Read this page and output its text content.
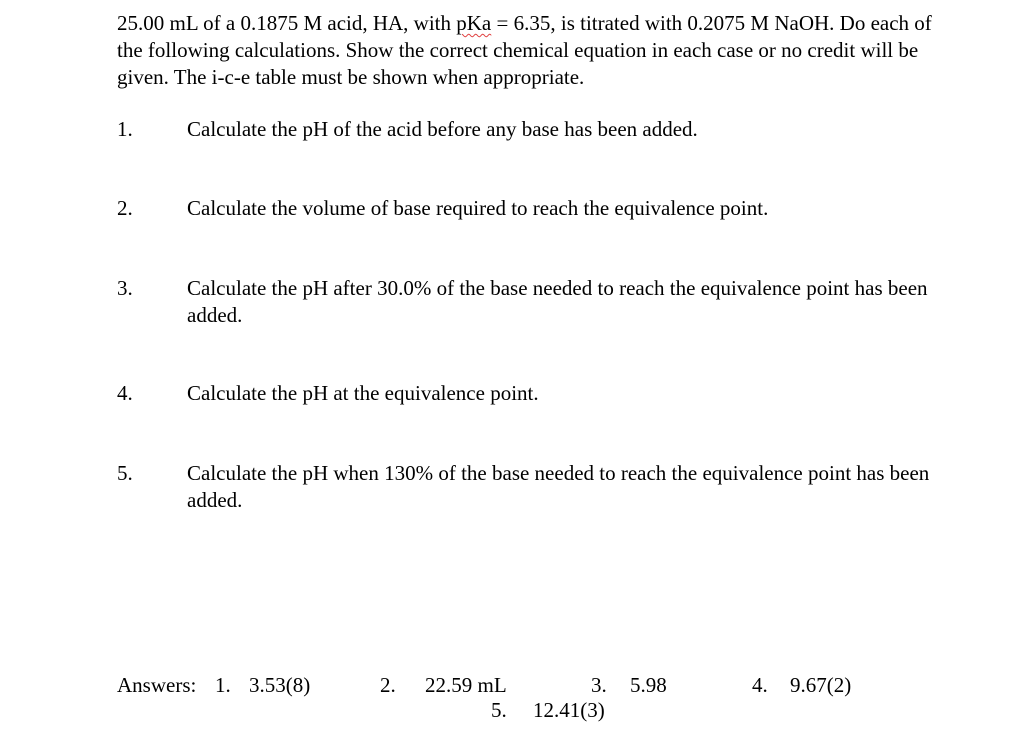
25.00 mL of a 0.1875 M acid, HA, with pKa = 6.35, is titrated with 0.2075 M NaOH. Do each of the following calculations. Show the correct chemical equation in each case or no credit will be given. The i-c-e table must be shown when appropriate.

1.	Calculate the pH of the acid before any base has been added.
2.	Calculate the volume of base required to reach the equivalence point.
3.	Calculate the pH after 30.0% of the base needed to reach the equivalence point has been added.
4.	Calculate the pH at the equivalence point.
5.	Calculate the pH when 130% of the base needed to reach the equivalence point has been added.
Answers: 1. 3.53(8)	2. 22.59 mL	3. 5.98	4. 9.67(2)
5. 12.41(3)
